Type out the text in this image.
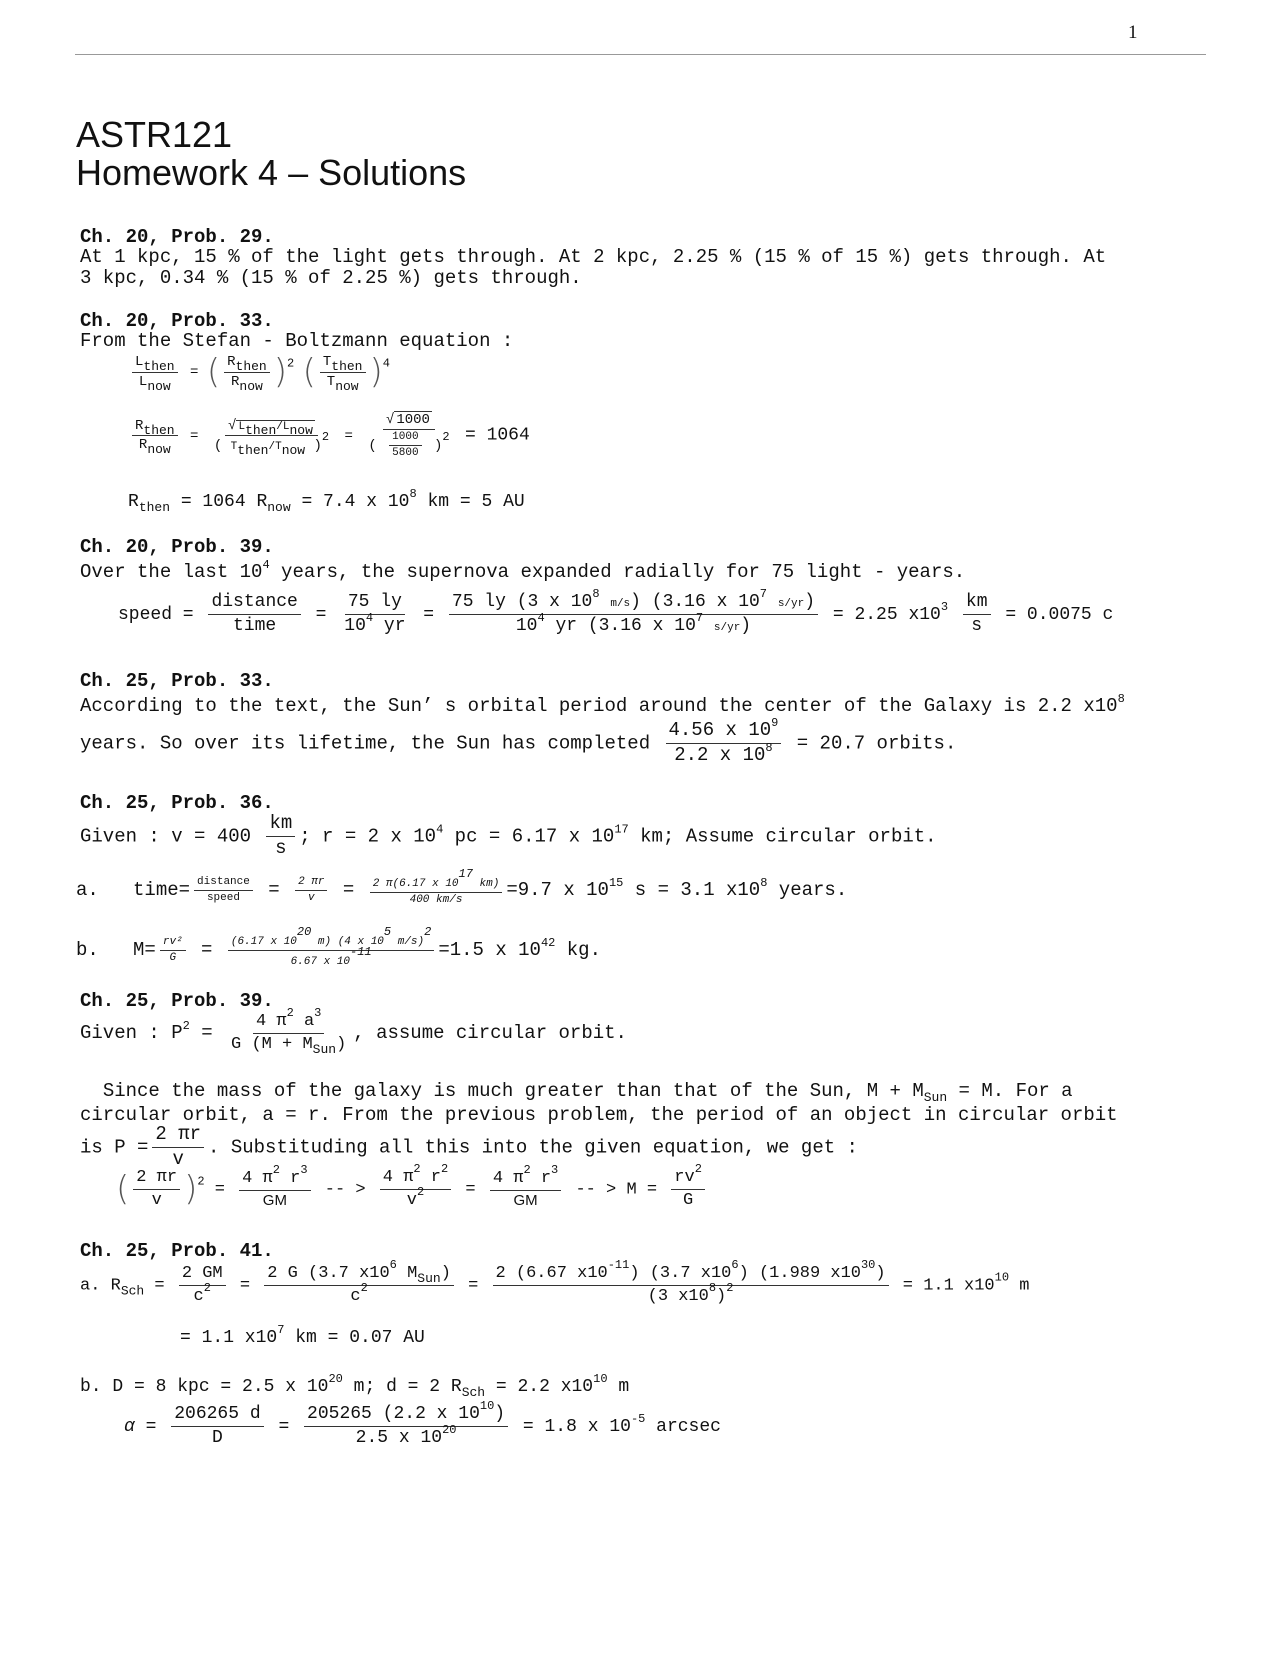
1
ASTR121
Homework 4 – Solutions
Ch. 20, Prob. 29.
At 1 kpc, 15 % of the light gets through. At 2 kpc, 2.25 % (15 % of 15 %) gets through. At
3 kpc, 0.34 % (15 % of 2.25 %) gets through.
Ch. 20, Prob. 33.
From the Stefan - Boltzmann equation :
$\frac{L_{then}}{L_{now}}$ = ( $\frac{R_{then}}{R_{now}} )^2$ ( $\frac{T_{then}}{T_{now}} )^4$
$\frac{R_{then}}{R_{now}} = \frac{√ L_{then}/L_{now}}{( T_{then}/T_{now} )^2} = \frac{√ 1000}{( \frac{1000}{5800} )^2} = 1064$
$R_{then} = 1064$ $R_{now} = 7.4$ x $10^8$ km = 5 AU
Ch. 20, Prob. 39.
Over the last $10^4$ years, the supernova expanded radially for 75 light - years.
speed = $\frac{\text{distance}}{\text{time}} = \frac{75 ly}{10^4 yr} = \frac{75 ly (3 x 10^8 m/s) (3.16 x 10^7 s/yr)}{10^4 yr (3.16 x 10^7 s/yr)} = 2.25$ $x10^3 \frac{km}{s} = 0.0075$ c
Ch. 25, Prob. 33.
According to the text, the Sun’ s orbital period around the center of the Galaxy is 2.2 $x10^8$
years. So over its lifetime, the Sun has completed $\frac{4.56 x 10^9}{2.2 x 10^8} = 20.7$ orbits.
Ch. 25, Prob. 36.
Given : $v = 400 \frac{km}{s}$ ; r = 2 x $10^4$ pc = 6.17 x $10^{17}$ km; Assume circular orbit.
a. time= $\frac{\text{distance}}{\text{speed}} = \frac{2 \pi r}{v} = \frac{2 \pi(6.17 x 10^{17} km)}{400 km/s} =9.7$ x $10^{15}$ s = 3.1 $x10^8$ years.
b. $M= \frac{\text{rv²}}{G} = \frac{(6.17 x 10^{20} m) (4 x 10^5 m/s)^2}{6.67 x 10^{-11}} =1.5$ x $10^{42}$ kg.
Ch. 25, Prob. 39.
Given : $P^2 = \frac{4 \pi^2 a^3}{G (M + M_{Sun})}$ , assume circular orbit.
Since the mass of the galaxy is much greater than that of the Sun, $M + M_{Sun} = M$. For a
circular orbit, a = r. From the previous problem, the period of an object in circular orbit
is $P = \frac{2 \pi r}{v}$ . Substituding all this into the given equation, we get :
( $\frac{2 \pi r}{v} )^2 = \frac{4 \pi^2 r^3}{GM}$ -- > $\frac{4 \pi^2 r^2}{v^2} = \frac{4 \pi^2 r^3}{GM}$ -- > $M = \frac{rv^2}{G}$
Ch. 25, Prob. 41.
a. $R_{Sch} = \frac{2 GM}{c^2} = \frac{2 G (3.7 x10^6 M_{Sun})}{c^2} = \frac{2 (6.67 x10^{-11}) (3.7 x10^6) (1.989 x10^{30})}{(3 x10^8)^2} = 1.1$ $x10^{10}$ m
= 1.1 $x10^7$ km = 0.07 AU
b. D = 8 kpc = 2.5 x $10^{20}$ m; d = 2 $R_{Sch} = 2.2$ $x10^{10}$ m
$\alpha = \frac{206265 d}{D} = \frac{205265 (2.2 x 10^{10})}{2.5 x 10^{20}} = 1.8$ x $10^{-5}$ arcsec
